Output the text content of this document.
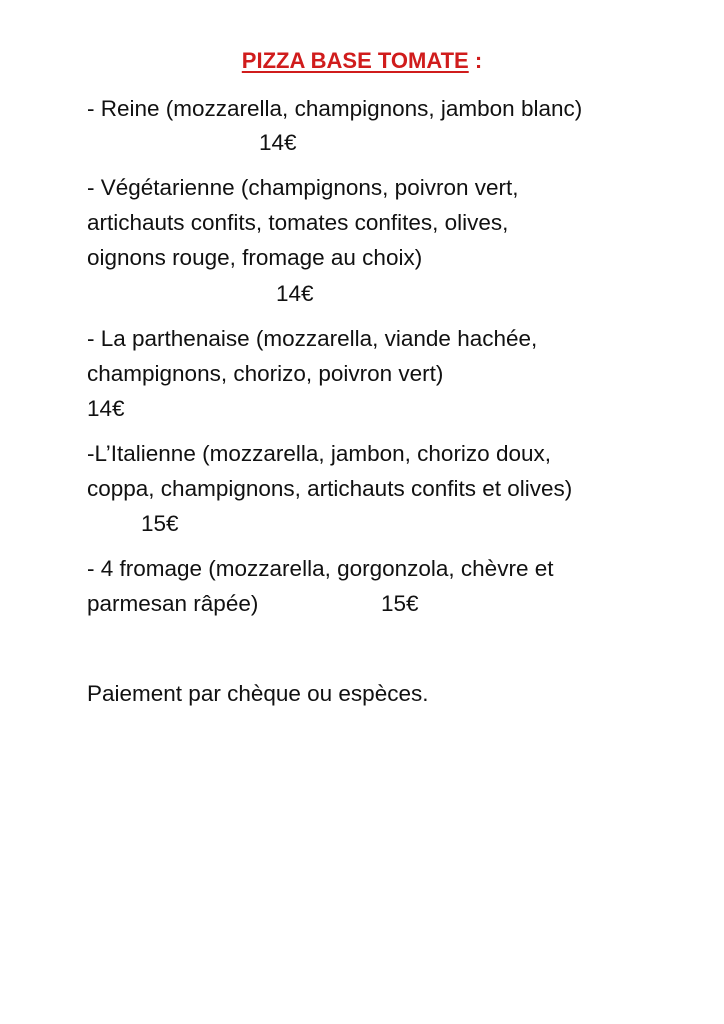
PIZZA BASE TOMATE :
- Reine (mozzarella, champignons, jambon blanc)
14€
- Végétarienne (champignons, poivron vert,
artichauts confits, tomates confites, olives,
oignons rouge, fromage au choix)
14€
- La parthenaise (mozzarella, viande hachée,
champignons, chorizo, poivron vert)
14€
-L’Italienne (mozzarella, jambon, chorizo doux,
coppa, champignons, artichauts confits et olives)
15€
- 4 fromage (mozzarella, gorgonzola, chèvre et
parmesan râpée)	15€
Paiement par chèque ou espèces.
